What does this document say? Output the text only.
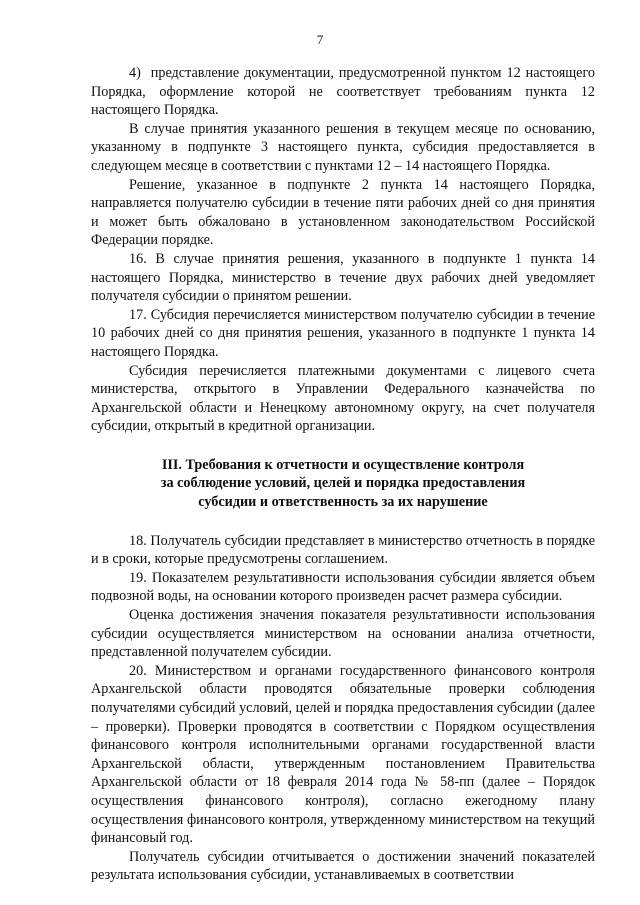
7

4)  представление документации, предусмотренной пунктом 12 настоящего Порядка, оформление которой не соответствует требованиям пункта 12 настоящего Порядка.

В случае принятия указанного решения в текущем месяце по основанию, указанному в подпункте 3 настоящего пункта, субсидия предоставляется в следующем месяце в соответствии с пунктами 12 – 14 настоящего Порядка.

Решение, указанное в подпункте 2 пункта 14 настоящего Порядка, направляется получателю субсидии в течение пяти рабочих дней со дня принятия и может быть обжаловано в установленном законодательством Российской Федерации порядке.

16. В случае принятия решения, указанного в подпункте 1 пункта 14 настоящего Порядка, министерство в течение двух рабочих дней уведомляет получателя субсидии о принятом решении.

17. Субсидия перечисляется министерством получателю субсидии в течение 10 рабочих дней со дня принятия решения, указанного в подпункте 1 пункта 14 настоящего Порядка.

Субсидия перечисляется платежными документами с лицевого счета министерства, открытого в Управлении Федерального казначейства по Архангельской области и Ненецкому автономному округу, на счет получателя субсидии, открытый в кредитной организации.

III. Требования к отчетности и осуществление контроля
за соблюдение условий, целей и порядка предоставления
субсидии и ответственность за их нарушение

18. Получатель субсидии представляет в министерство отчетность в порядке и в сроки, которые предусмотрены соглашением.

19. Показателем результативности использования субсидии является объем подвозной воды, на основании которого произведен расчет размера субсидии.

Оценка достижения значения показателя результативности использования субсидии осуществляется министерством на основании анализа отчетности, представленной получателем субсидии.

20. Министерством и органами государственного финансового контроля Архангельской области проводятся обязательные проверки соблюдения получателями субсидий условий, целей и порядка предоставления субсидии (далее – проверки). Проверки проводятся в соответствии с Порядком осуществления финансового контроля исполнительными органами государственной власти Архангельской области, утвержденным постановлением Правительства Архангельской области от 18 февраля 2014 года № 58-пп (далее – Порядок осуществления финансового контроля), согласно ежегодному плану осуществления финансового контроля, утвержденному министерством на текущий финансовый год.

Получатель субсидии отчитывается о достижении значений показателей результата использования субсидии, устанавливаемых в соответствии
